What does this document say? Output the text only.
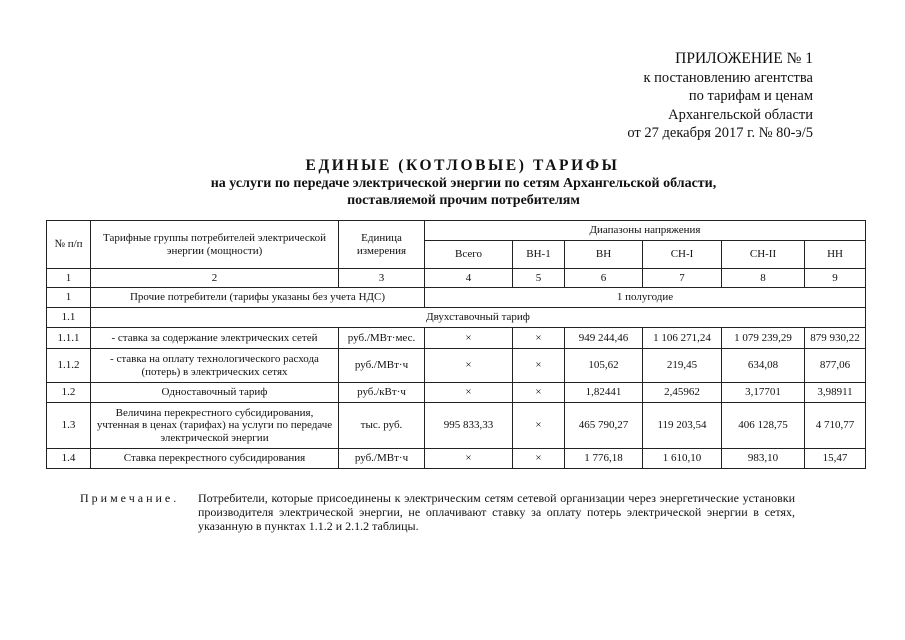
ПРИЛОЖЕНИЕ № 1
к постановлению агентства
по тарифам и ценам
Архангельской области
от 27 декабря 2017 г. № 80-э/5
ЕДИНЫЕ (КОТЛОВЫЕ) ТАРИФЫ
на услуги по передаче электрической энергии по сетям Архангельской области,
поставляемой прочим потребителям
№ п/п	Тарифные группы потребителей электрической энергии (мощности)	Единица измерения	Диапазоны напряжения					
			Всего	ВН-1	ВН	СН-I	СН-II	НН
1	2	3	4	5	6	7	8	9
1	Прочие потребители (тарифы указаны без учета НДС)		1 полугодие					
1.1	Двухставочный тариф							
1.1.1	- ставка за содержание электрических сетей	руб./МВт·мес.	×	×	949 244,46	1 106 271,24	1 079 239,29	879 930,22
1.1.2	- ставка на оплату технологического расхода (потерь) в электрических сетях	руб./МВт·ч	×	×	105,62	219,45	634,08	877,06
1.2	Одноставочный тариф	руб./кВт·ч	×	×	1,82441	2,45962	3,17701	3,98911
1.3	Величина перекрестного субсидирования, учтенная в ценах (тарифах) на услуги по передаче электрической энергии	тыс. руб.	995 833,33	×	465 790,27	119 203,54	406 128,75	4 710,77
1.4	Ставка перекрестного субсидирования	руб./МВт·ч	×	×	1 776,18	1 610,10	983,10	15,47
Примечание.	Потребители, которые присоединены к электрическим сетям сетевой организации через энергетические установки производителя электрической энергии, не оплачивают ставку за оплату потерь электрической энергии в сетях, указанную в пунктах 1.1.2 и 2.1.2 таблицы.
